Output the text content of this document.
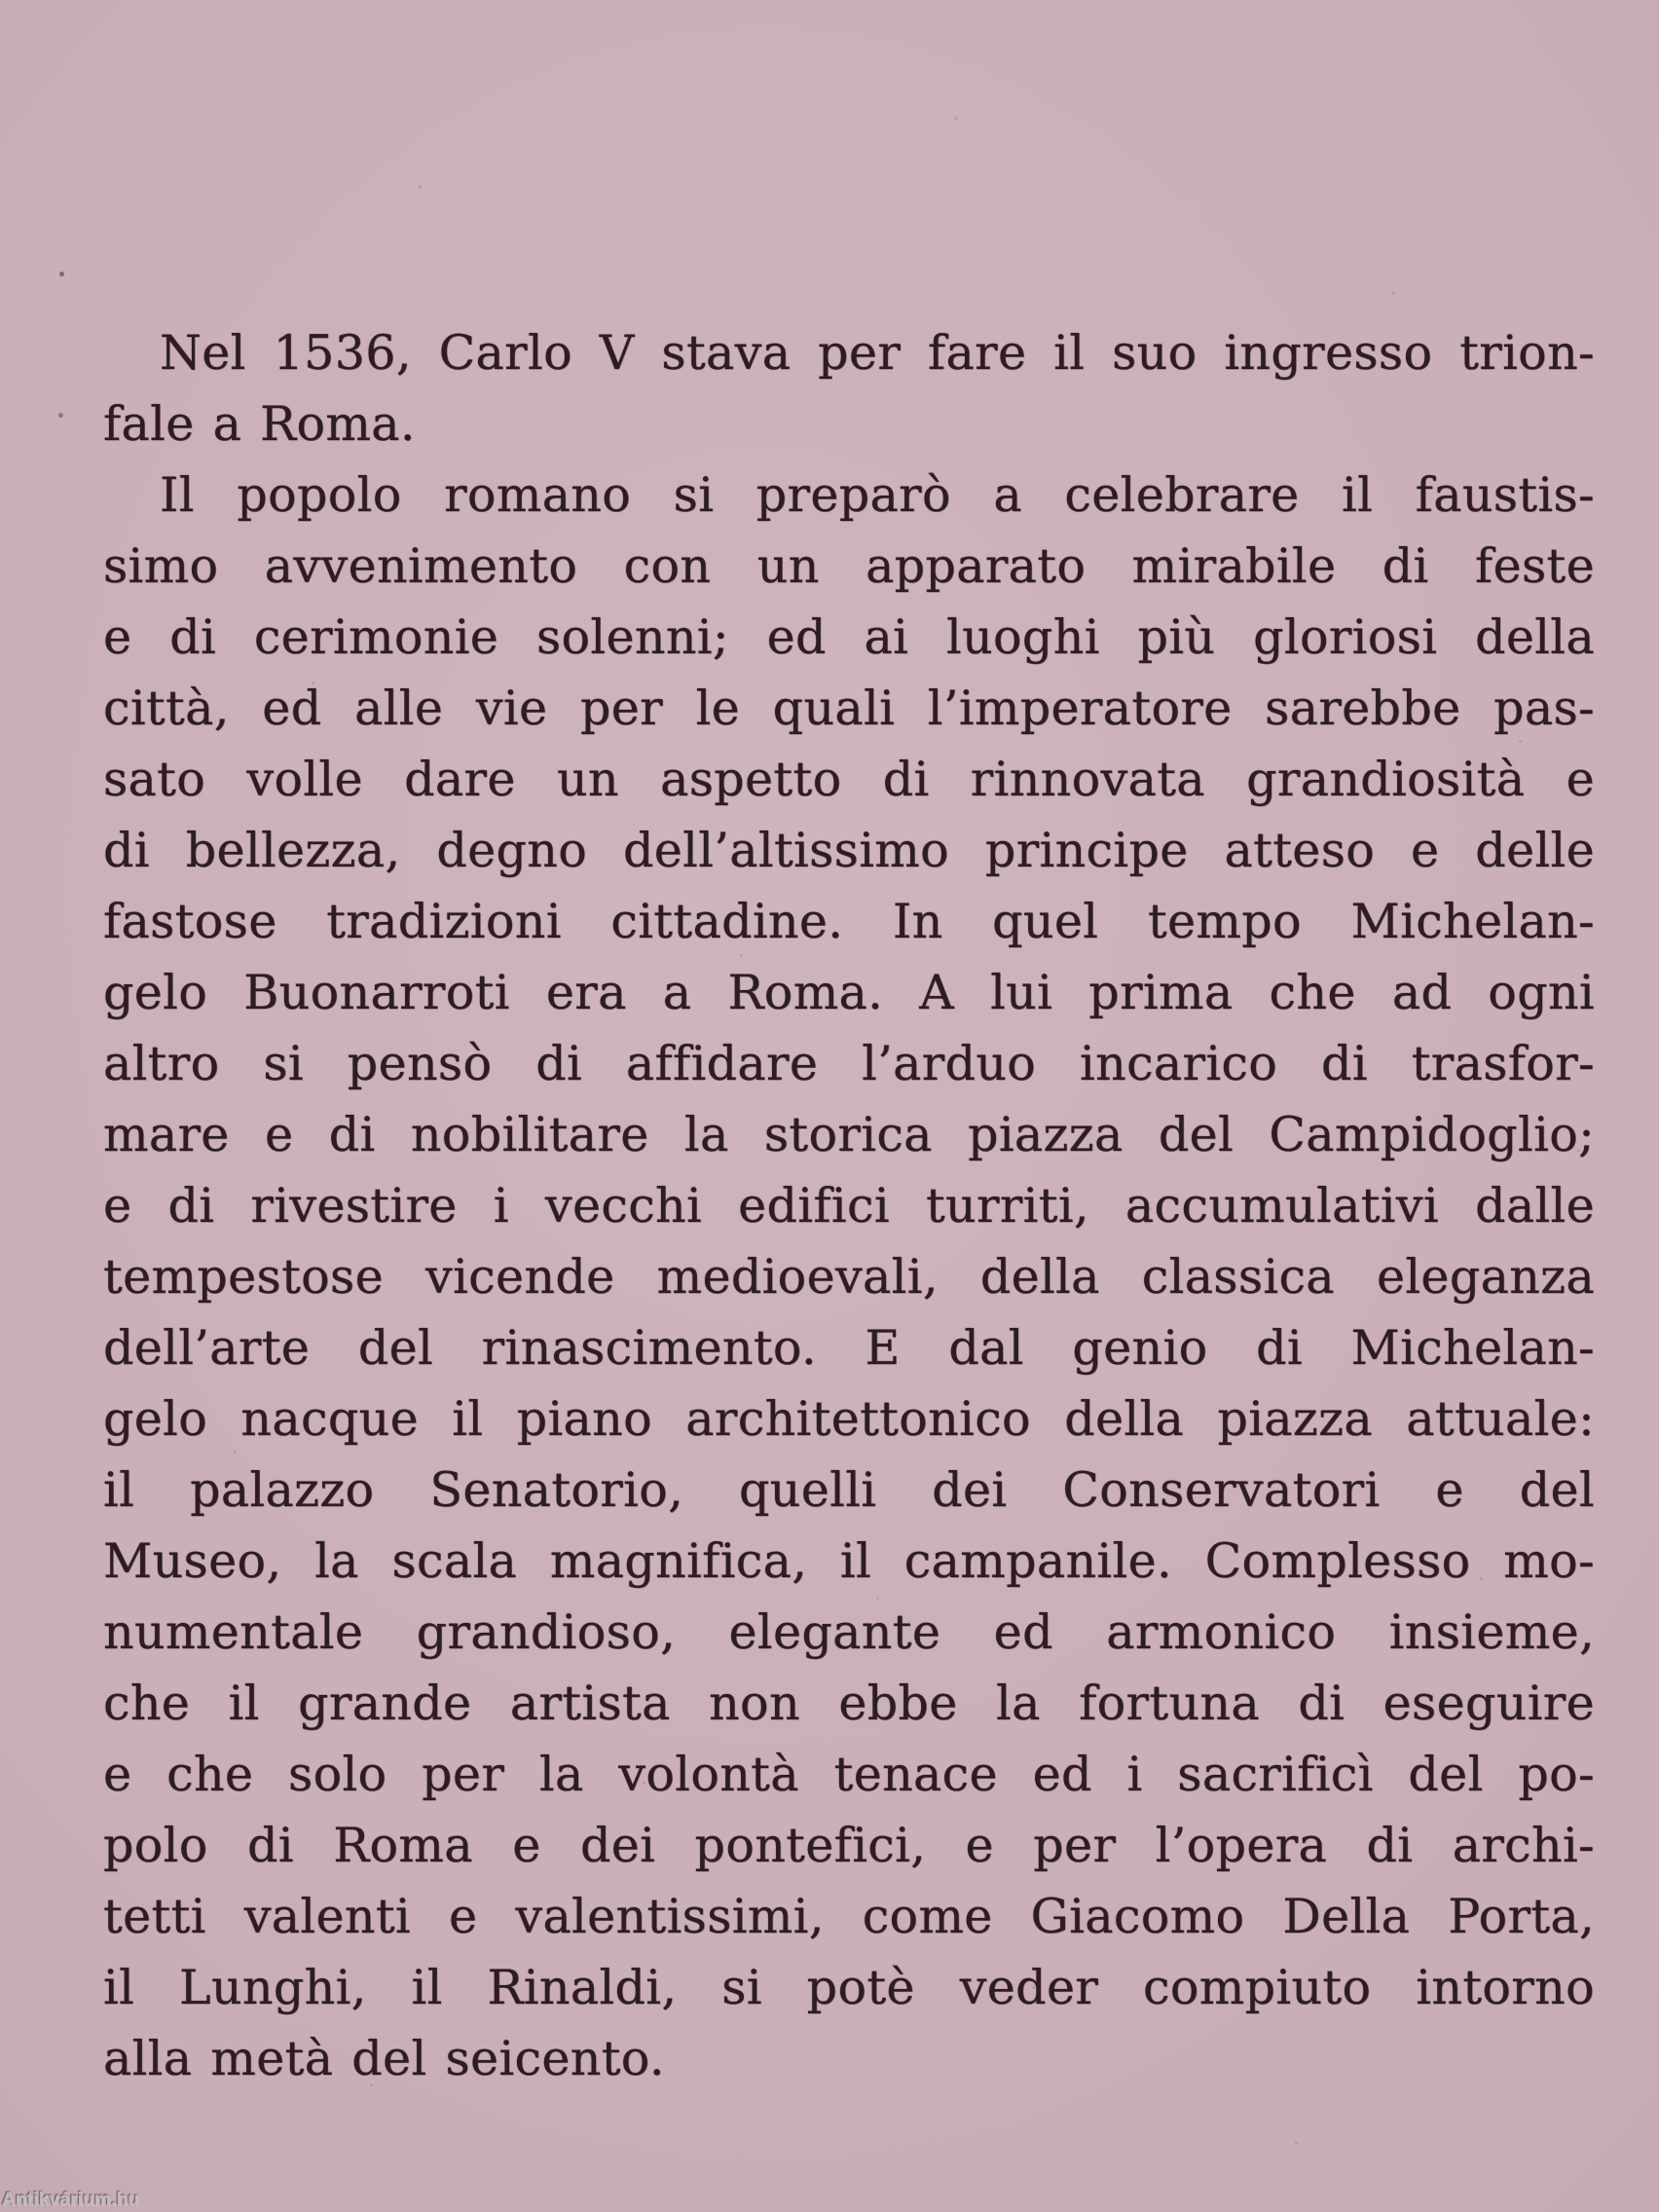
Nel 1536, Carlo V stava per fare il suo ingresso trion-
fale a Roma.
Il popolo romano si preparò a celebrare il faustis-
simo avvenimento con un apparato mirabile di feste
e di cerimonie solenni; ed ai luoghi più gloriosi della
città, ed alle vie per le quali l’imperatore sarebbe pas-
sato volle dare un aspetto di rinnovata grandiosità e
di bellezza, degno dell’altissimo principe atteso e delle
fastose tradizioni cittadine. In quel tempo Michelan-
gelo Buonarroti era a Roma. A lui prima che ad ogni
altro si pensò di affidare l’arduo incarico di trasfor-
mare e di nobilitare la storica piazza del Campidoglio;
e di rivestire i vecchi edifici turriti, accumulativi dalle
tempestose vicende medioevali, della classica eleganza
dell’arte del rinascimento. E dal genio di Michelan-
gelo nacque il piano architettonico della piazza attuale:
il palazzo Senatorio, quelli dei Conservatori e del
Museo, la scala magnifica, il campanile. Complesso mo-
numentale grandioso, elegante ed armonico insieme,
che il grande artista non ebbe la fortuna di eseguire
e che solo per la volontà tenace ed i sacrificì del po-
polo di Roma e dei pontefici, e per l’opera di archi-
tetti valenti e valentissimi, come Giacomo Della Porta,
il Lunghi, il Rinaldi, si potè veder compiuto intorno
alla metà del seicento.
Antikvárium.hu
